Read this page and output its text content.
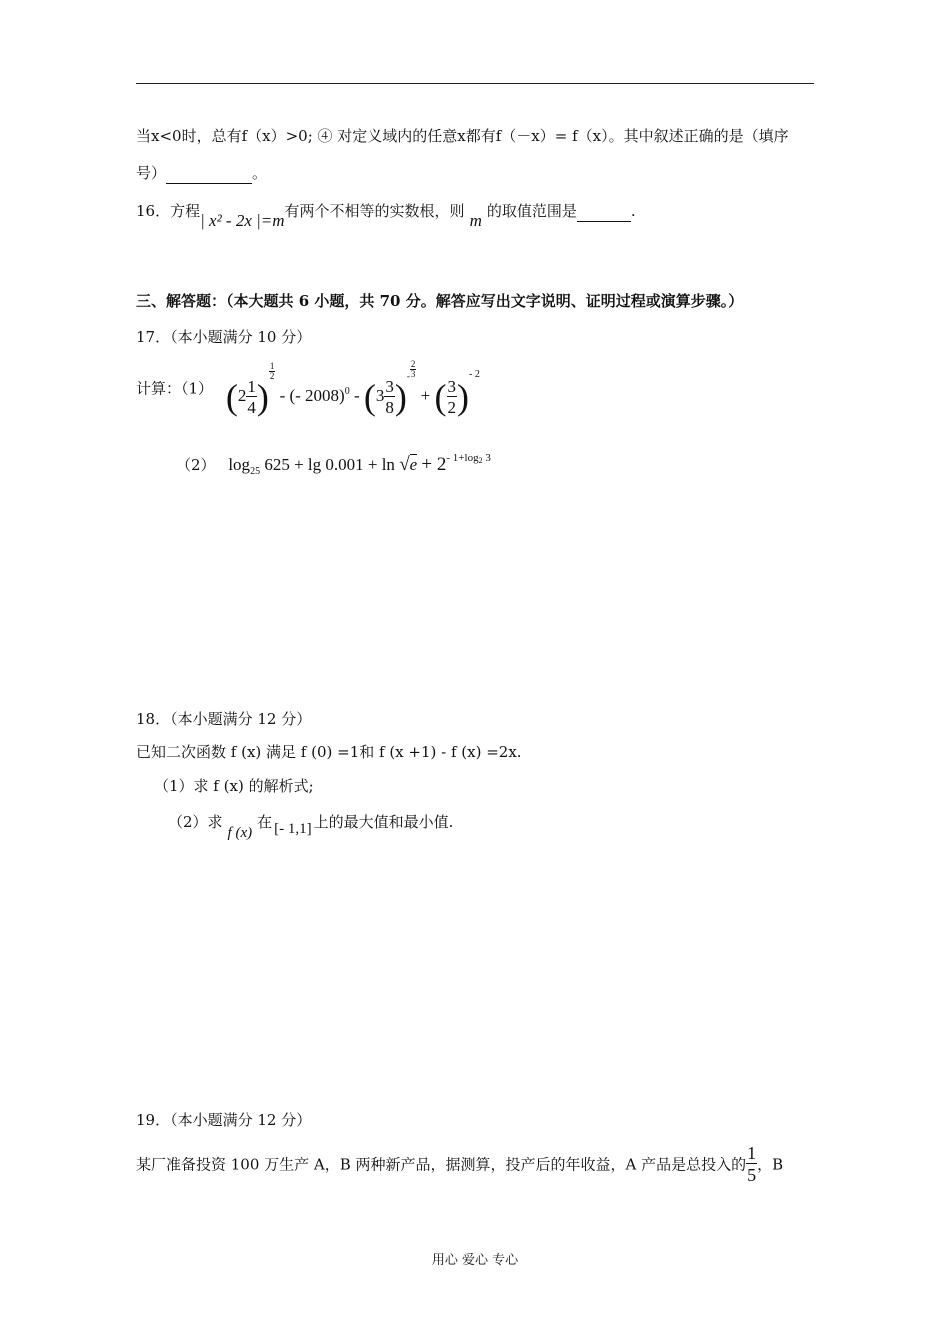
当x<0时，总有f（x）>0; ④ 对定义域内的任意x都有f（－x）= f（x）。其中叙述正确的是（填序
号）	。
16．方程| x² - 2x |=m有两个不相等的实数根，则 m 的取值范围是	.
三、解答题：（本大题共 6 小题，共 70 分。解答应写出文字说明、证明过程或演算步骤。）
17．（本小题满分 10 分）
计算：（1） ($2 \frac{1}{4}$ )
$\frac{1}{2}$
- (- $2008)^0 - (3 \frac{3}{8} )^- \frac{2}{3}$
+ ( $\frac{3}{2} )^{- 2}$
（2） $\log_{25} 625 + \lg 0.001 + \ln √e + 2^{- 1+log2 3}$
18．（本小题满分 12 分）
已知二次函数 f (x) 满足 f (0) =1和 f (x +1) - f (x) =2x.
（1）求 f (x) 的解析式;
（2）求f (x)在 [- 1,1] 上的最大值和最小值.
19．（本小题满分 12 分）
某厂准备投资 100 万生产 A，B 两种新产品，据测算，投产后的年收益，A 产品是总投入的 $\frac{1}{5}$ ，B
用心 爱心 专心
